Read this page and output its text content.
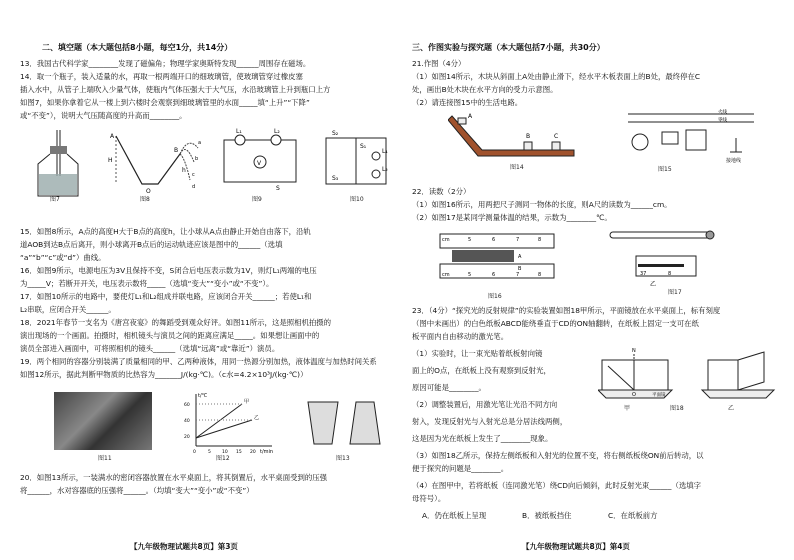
二、填空题（本大题包括8小题，每空1分，共14分）
13．我国古代科学家________发现了磁偏角；物理学家奥斯特发现______周围存在磁场。
14．取一个瓶子，装入适量的水，再取一根两端开口的细玻璃管，使玻璃管穿过橡皮塞
插入水中，从管子上端吹入少量气体，使瓶内气体压强大于大气压，水沿玻璃管上升到瓶口上方
如图7，如果你拿着它从一楼上到六楼时会观察到细玻璃管里的水面_____填“上升”“下降”
或“不变”），说明大气压随高度的升高而________。
图7
A
H
O
B
h
a
b
c
d
图8
L₁	L₂
V
S
图9
S₂
S₁
S₃
L₁
L₂
图10
15．如图8所示，A点的高度H大于B点的高度h，让小球从A点由静止开始自由落下，沿轨
道AOB到达B点后离开，则小球离开B点后的运动轨迹应该是图中的______（选填
“a”“b”“c”或“d”）曲线。
16．如图9所示，电源电压为3V且保持不变，S闭合后电压表示数为1V，则灯L₁两端的电压
为_____V；若断开开关，电压表示数将_____（选填“变大”“变小”或“不变”）。
17．如图10所示的电路中，要使灯L₁和L₂组成并联电路，应该闭合开关______；若使L₁和
L₂串联，应闭合开关______。
18．2021年春节一支名为《唐宫夜宴》的舞蹈受到观众好评。如图11所示，这是照相机拍摄的
演出现场的一个画面。拍摄时，相机镜头与演员之间的距离应满足_____。如果想让画面中的
演员全部进入画面中，可将照相机的镜头______（选填“远离”或“靠近”）演员。
19．两个相同的容器分别装满了质量相同的甲、乙两种液体，用同一热源分别加热，液体温度与加热时间关系
如图12所示，据此判断甲物质的比热容为_______J/(kg·℃)。（c水=4.2×10³J/(kg·℃)）
图11
t/℃
t/min
甲
乙
60
40
20
0	5 10 15 20
图12	图13
20．如图13所示，一装满水的密闭容器放置在水平桌面上，将其倒置后，水平桌面受到的压强
将______，水对容器底的压强将______。（均填“变大”“变小”或“不变”）
【九年级物理试题共8页】第3页
三、作图实验与探究题（本大题包括7小题，共30分）
21.作图（4分）
（1）如图14所示，木块从斜面上A处由静止滑下，经水平木板表面上的B处，最终停在C
处，画出B处木块在水平方向的受力示意图。
（2）请连接图15中的生活电路。
A
B	C
图14
火线
零线
接地线
图15
22．读数（2分）
（1）如图16所示，用两把尺子测同一物体的长度，则A尺的读数为______cm。
（2）如图17是某同学测量体温的结果，示数为________℃。
cm	5	6	7	8
A
B
cm	5	6	7	8
图16
37	8
乙
图17
23．（4分）“探究光的反射规律”的实验装置如图18甲所示，平面镜放在水平桌面上，标有刻度
（图中未画出）的白色纸板ABCD能绕垂直于CD的ON轴翻转，在纸板上固定一支可在纸
板平面内自由移动的激光笔。
（1）实验时，让一束光贴着纸板射向镜
面上的O点，在纸板上没有观察到反射光，
原因可能是________。
（2）调整装置后，用激光笔让光沿不同方向
射入，发现反射光与入射光总是分居法线两侧，
这是因为光在纸板上发生了________现象。
N
O	平面镜
甲	图18	乙
（3）如图18乙所示，保持左侧纸板和入射光的位置不变，将右侧纸板绕ON前后转动，以
便于探究的问题是________。
（4）在图甲中，若将纸板（连同激光笔）绕CD向后倾斜，此时反射光束______（选填字
母符号）。
A．仍在纸板上呈现	B．被纸板挡住	C．在纸板前方
【九年级物理试题共8页】第4页
